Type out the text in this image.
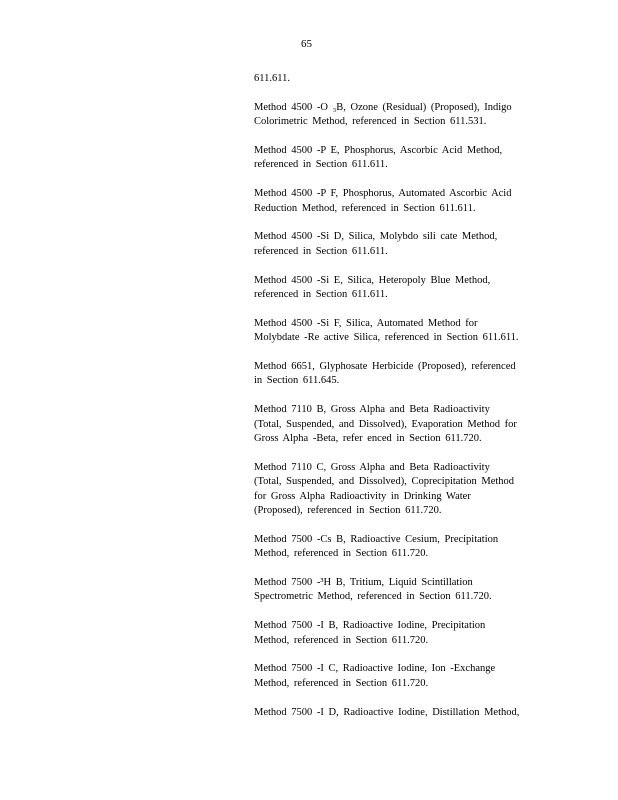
65

611.611.

Method 4500 -O ₃B, Ozone (Residual) (Proposed), Indigo
Colorimetric Method, referenced in Section 611.531.

Method 4500 -P E, Phosphorus, Ascorbic Acid Method,
referenced in Section 611.611.

Method 4500 -P F, Phosphorus, Automated Ascorbic Acid
Reduction Method, referenced in Section 611.611.

Method 4500 -Si D, Silica, Molybdo sili cate Method,
referenced in Section 611.611.

Method 4500 -Si E, Silica, Heteropoly Blue Method,
referenced in Section 611.611.

Method 4500 -Si F, Silica, Automated Method for
Molybdate -Re active Silica, referenced in Section 611.611.

Method 6651, Glyphosate Herbicide (Proposed), referenced
in Section 611.645.

Method 7110 B, Gross Alpha and Beta Radioactivity
(Total, Suspended, and Dissolved), Evaporation Method for
Gross Alpha -Beta, refer enced in Section 611.720.

Method 7110 C, Gross Alpha and Beta Radioactivity
(Total, Suspended, and Dissolved), Coprecipitation Method
for Gross Alpha Radioactivity in Drinking Water
(Proposed), referenced in Section 611.720.

Method 7500 -Cs B, Radioactive Cesium, Precipitation
Method, referenced in Section 611.720.

Method 7500 -³H B, Tritium, Liquid Scintillation
Spectrometric Method, referenced in Section 611.720.

Method 7500 -I B, Radioactive Iodine, Precipitation
Method, referenced in Section 611.720.

Method 7500 -I C, Radioactive Iodine, Ion -Exchange
Method, referenced in Section 611.720.

Method 7500 -I D, Radioactive Iodine, Distillation Method,
